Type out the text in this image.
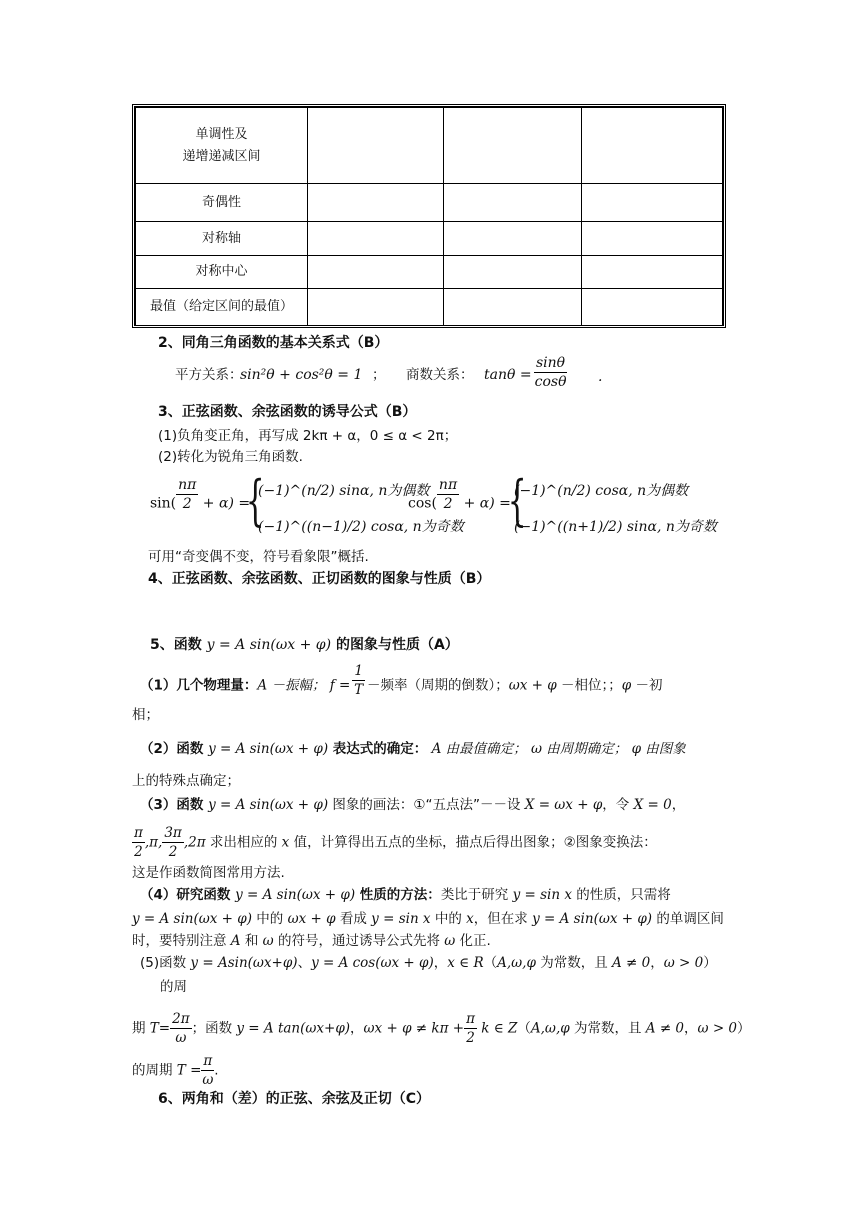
单调性及
递增递减区间			

奇偶性			
对称轴			
对称中心			
最值（给定区间的最值）			
2、同角三角函数的基本关系式（B）
平方关系：
sin²θ + cos²θ = 1 ； 商数关系： $\tan\theta = \frac{\sin\theta}{\cos\theta}$ .
3、正弦函数、余弦函数的诱导公式（B）
(1)负角变正角，再写成 2kπ + α，0 ≤ α < 2π；
(2)转化为锐角三角函数.
$\sin( \frac{n\pi}{2} + \alpha)$ =
{
(−1)^(n/2) sinα, n为偶数
(−1)^((n−1)/2) cosα, n为奇数
$\cos( \frac{n\pi}{2} + \alpha)$ =
{
(−1)^(n/2) cosα, n为偶数
(−1)^((n+1)/2) sinα, n为奇数
可用“奇变偶不变，符号看象限”概括.
4、正弦函数、余弦函数、正切函数的图象与性质（B）
5、函数 y = A sin(ωx + φ) 的图象与性质（A）
（1）几个物理量：A －振幅； $f = \frac{1}{T}$ －频率（周期的倒数）；ωx + φ －相位；；φ －初
相；
（2）函数 y = A sin(ωx + φ) 表达式的确定： A 由最值确定； ω 由周期确定； φ 由图象
上的特殊点确定；
（3）函数 y = A sin(ωx + φ) 图象的画法：①“五点法”－－设 X = ωx + φ，令 X = 0，
$\frac{\pi}{2} ,\pi$, $\frac{3\pi}{2} ,2\pi$ 求出相应的 x 值，计算得出五点的坐标，描点后得出图象；②图象变换法：
这是作函数简图常用方法.
（4）研究函数 y = A sin(ωx + φ) 性质的方法：类比于研究 y = sin x 的性质，只需将
y = A sin(ωx + φ) 中的 ωx + φ 看成 y = sin x 中的 x，但在求 y = A sin(ωx + φ) 的单调区间
时，要特别注意 A 和 ω 的符号，通过诱导公式先将 ω 化正.
(5)函数 y = Asin(ωx+φ)、y = A cos(ωx + φ)，x ∈ R（A,ω,φ 为常数，且 A ≠ 0，ω > 0）
的周
期 $T= \frac{2\pi}{\omega}$ ；函数 y = A tan(ωx+φ)，$\omega x + \varphi \ne k\pi + \frac{\pi}{2}$ k ∈ Z（A,ω,φ 为常数，且 A ≠ 0，ω > 0）
的周期 $T = \frac{\pi}{\omega}$ .
6、两角和（差）的正弦、余弦及正切（C）
